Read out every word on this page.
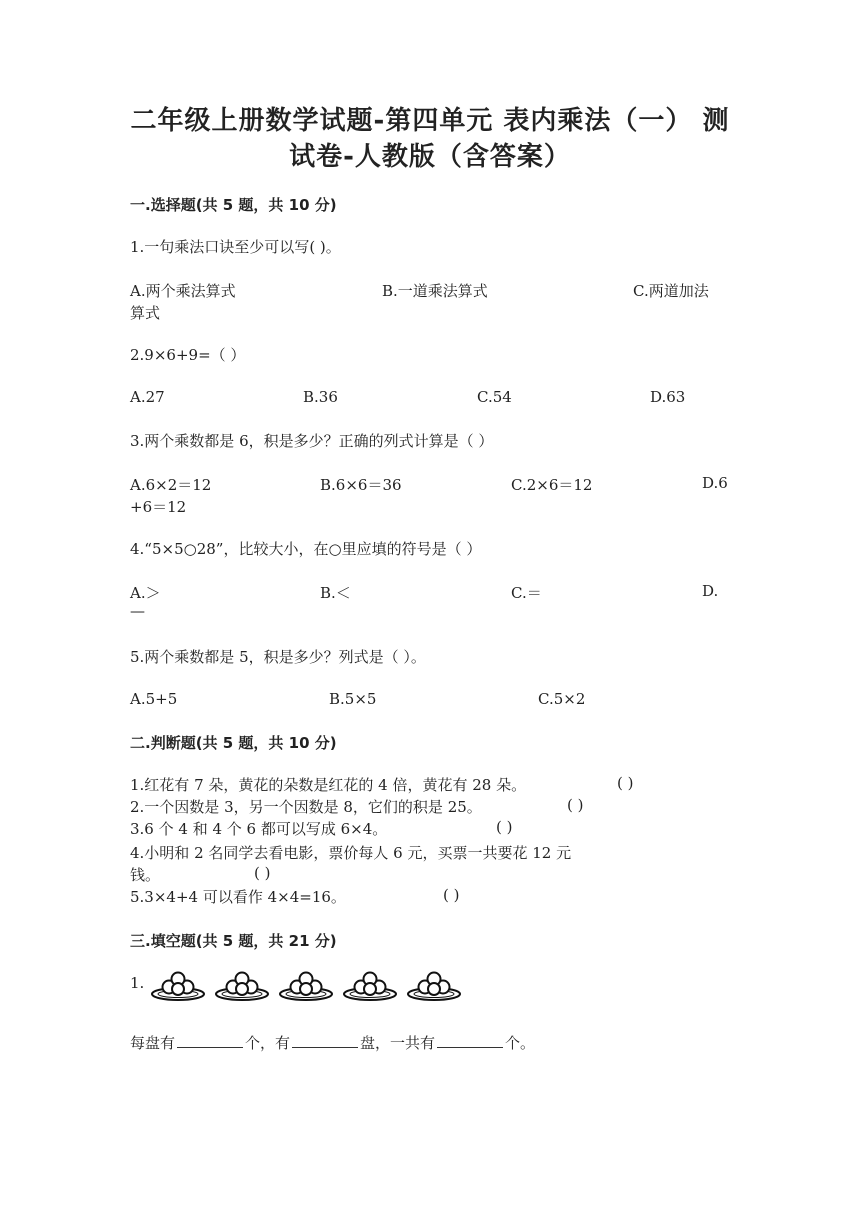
二年级上册数学试题-第四单元 表内乘法（一） 测
试卷-人教版（含答案）
一.选择题(共 5 题，共 10 分)
1.一句乘法口诀至少可以写( )。
A.两个乘法算式	B.一道乘法算式	C.两道加法
算式
2.9×6+9=（ ）
A.27	B.36	C.54	D.63
3.两个乘数都是 6，积是多少？正确的列式计算是（ ）
A.6×2＝12	B.6×6＝36	C.2×6＝12	D.6
+6＝12
4.“5×5○28”，比较大小，在○里应填的符号是（ ）
A.＞	B.＜	C.＝	D.
—
5.两个乘数都是 5，积是多少？列式是（ ）。
A.5+5	B.5×5	C.5×2
二.判断题(共 5 题，共 10 分)
1.红花有 7 朵，黄花的朵数是红花的 4 倍，黄花有 28 朵。	( )
2.一个因数是 3，另一个因数是 8，它们的积是 25。	( )
3.6 个 4 和 4 个 6 都可以写成 6×4。	( )
4.小明和 2 名同学去看电影，票价每人 6 元，买票一共要花 12 元
钱。	( )
5.3×4+4 可以看作 4×4=16。	( )
三.填空题(共 5 题，共 21 分)
1.
每盘有	个，有	盘，一共有	个。
